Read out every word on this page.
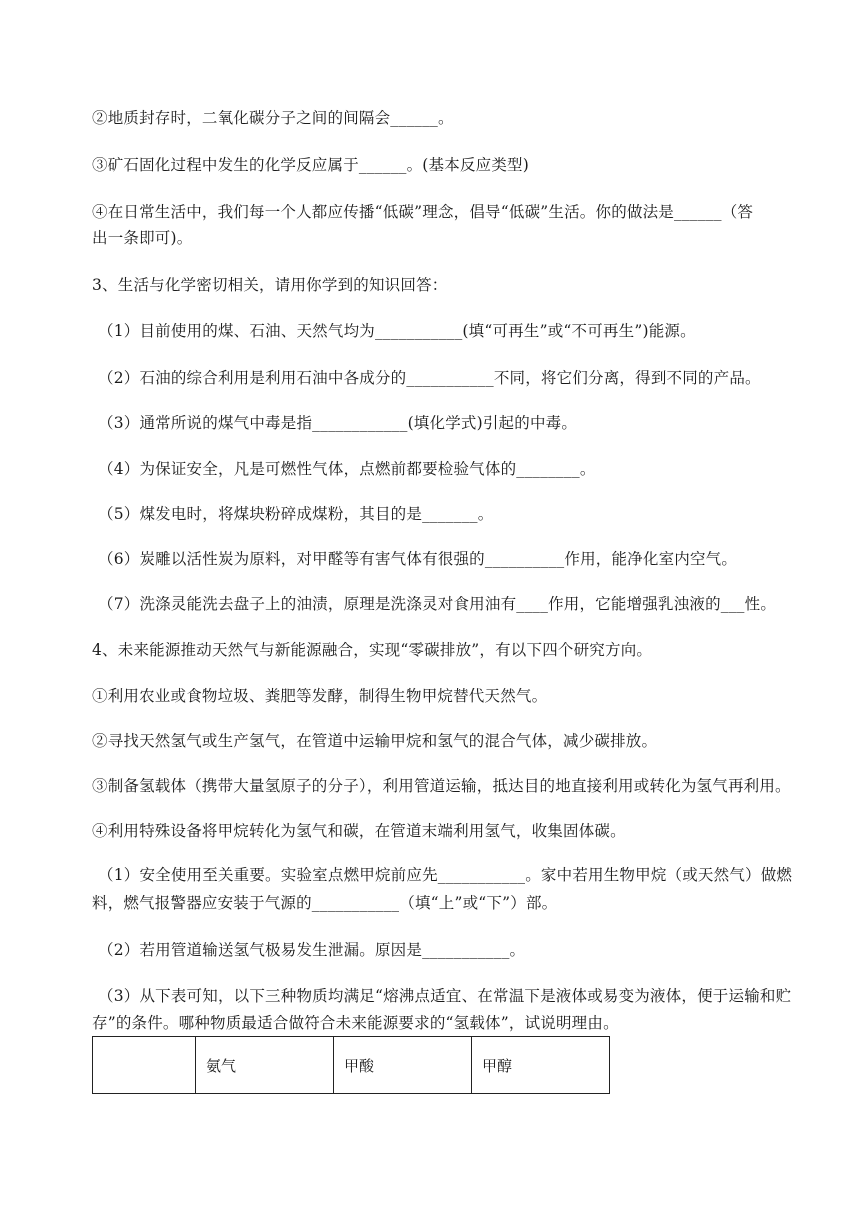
②地质封存时，二氧化碳分子之间的间隔会______。
③矿石固化过程中发生的化学反应属于______。(基本反应类型)
④在日常生活中，我们每一个人都应传播“低碳”理念，倡导“低碳”生活。你的做法是______（答
出一条即可)。
3、生活与化学密切相关，请用你学到的知识回答：
（1）目前使用的煤、石油、天然气均为___________(填“可再生”或“不可再生”)能源。
（2）石油的综合利用是利用石油中各成分的___________不同，将它们分离，得到不同的产品。
（3）通常所说的煤气中毒是指____________(填化学式)引起的中毒。
（4）为保证安全，凡是可燃性气体，点燃前都要检验气体的________。
（5）煤发电时，将煤块粉碎成煤粉，其目的是_______。
（6）炭雕以活性炭为原料，对甲醛等有害气体有很强的__________作用，能净化室内空气。
（7）洗涤灵能洗去盘子上的油渍，原理是洗涤灵对食用油有____作用，它能增强乳浊液的___性。
4、未来能源推动天然气与新能源融合，实现“零碳排放”，有以下四个研究方向。
①利用农业或食物垃圾、粪肥等发酵，制得生物甲烷替代天然气。
②寻找天然氢气或生产氢气，在管道中运输甲烷和氢气的混合气体，减少碳排放。
③制备氢载体（携带大量氢原子的分子），利用管道运输，抵达目的地直接利用或转化为氢气再利用。
④利用特殊设备将甲烷转化为氢气和碳，在管道末端利用氢气，收集固体碳。
（1）安全使用至关重要。实验室点燃甲烷前应先___________。家中若用生物甲烷（或天然气）做燃
料，燃气报警器应安装于气源的___________（填“上”或“下”）部。
（2）若用管道输送氢气极易发生泄漏。原因是___________。
（3）从下表可知，以下三种物质均满足“熔沸点适宜、在常温下是液体或易变为液体，便于运输和贮
存”的条件。哪种物质最适合做符合未来能源要求的“氢载体”，试说明理由。
	氨气	甲酸	甲醇
